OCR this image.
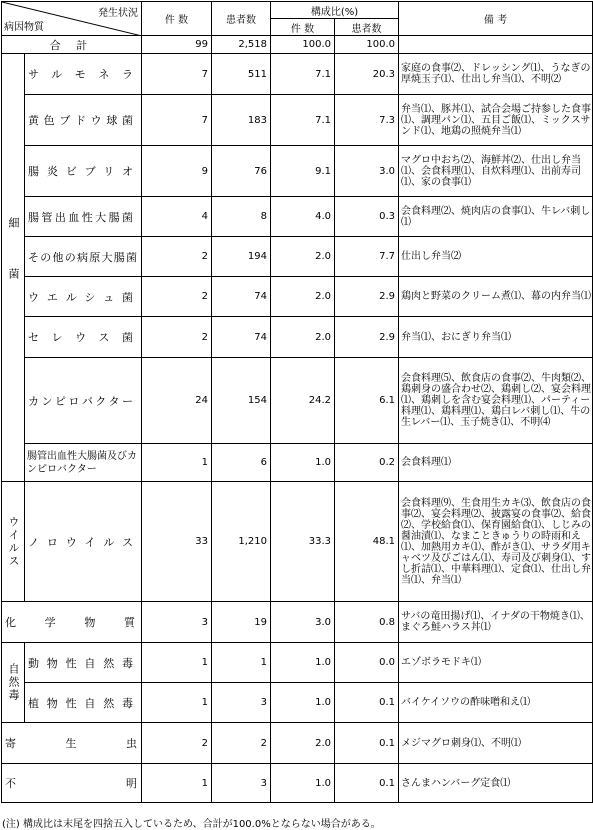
発生状況
病因物質		件 数	患者数	構成比(%)		備 考
				件 数	患者数	
合 計		99	2,518	100.0	100.0	
細菌	サルモネラ	7	511	7.1	20.3	家庭の食事⑵、ドレッシング⑴、うなぎの厚焼玉子⑴、仕出し弁当⑴、不明⑵
	黄色ブドウ球菌	7	183	7.1	7.3	弁当⑴、豚丼⑴、試合会場ご持参した食事⑴、調理パン⑴、五目ご飯⑴、ミックスサンド⑴、地鶏の照焼弁当⑴
	腸炎ビブリオ	9	76	9.1	3.0	マグロ中おち⑵、海鮮丼⑵、仕出し弁当⑴、会食料理⑴、自炊料理⑴、出前寿司⑴、家の食事⑴
	腸管出血性大腸菌	4	8	4.0	0.3	会食料理⑵、焼肉店の食事⑴、牛レバ刺し⑴
	その他の病原大腸菌	2	194	2.0	7.7	仕出し弁当⑵
	ウエルシュ菌	2	74	2.0	2.9	鶏肉と野菜のクリーム煮⑴、幕の内弁当⑴
	セレウス菌	2	74	2.0	2.9	弁当⑴、おにぎり弁当⑴
	カンピロバクター	24	154	24.2	6.1	会食料理⑸、飲食店の食事⑵、牛肉類⑵、鶏刺身の盛合わせ⑵、鶏刺し⑵、宴会料理⑴、鶏刺しを含む宴会料理⑴、パーティー料理⑴、鶏料理⑴、鶏白レバ刺し⑴、牛の生レバー⑴、玉子焼き⑴、不明⑷
	腸管出血性大腸菌及びカンピロバクター	1	6	1.0	0.2	会食料理⑴
ウイルス	ノロウイルス	33	1,210	33.3	48.1	会食料理⑼、生食用生カキ⑶、飲食店の食事⑵、宴会料理⑵、披露宴の食事⑵、給食⑵、学校給食⑴、保育園給食⑴、しじみの醤油漬⑴、なまこときゅうりの時雨和え⑴、加熱用カキ⑴、酢がき⑴、サラダ用キャベツ及びごはん⑴、寿司及び刺身⑴、すし折詰⑴、中華料理⑴、定食⑴、仕出し弁当⑴、弁当⑴
化 学 物 質		3	19	3.0	0.8	サバの竜田揚げ⑴、イナダの干物焼き⑴、まぐろ鮭ハラス丼⑴
自然毒	動物性自然毒	1	1	1.0	0.0	エゾボラモドキ⑴
	植物性自然毒	1	3	1.0	0.1	バイケイソウの酢味噌和え⑴
寄 生 虫		2	2	2.0	0.1	メジマグロ刺身⑴、不明⑴
不 明		1	3	1.0	0.1	さんまハンバーグ定食⑴
(注) 構成比は末尾を四捨五入しているため、合計が100.0%とならない場合がある。
